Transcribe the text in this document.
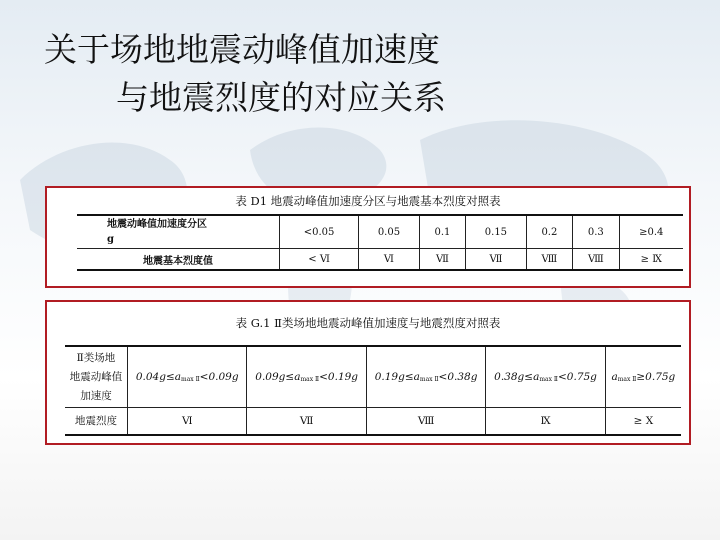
关于场地地震动峰值加速度
与地震烈度的对应关系
表 D1 地震动峰值加速度分区与地震基本烈度对照表
地震动峰值加速度分区
g	<0.05	0.05	0.1	0.15	0.2	0.3	≥0.4
地震基本烈度值	< Ⅵ	Ⅵ	Ⅶ	Ⅶ	Ⅷ	Ⅷ	≥ Ⅸ
表 G.1 Ⅱ类场地地震动峰值加速度与地震烈度对照表
Ⅱ类场地
地震动峰值
加速度	0.04g≤amax Ⅱ<0.09g	0.09g≤amax Ⅱ<0.19g	0.19g≤amax Ⅱ<0.38g	0.38g≤amax Ⅱ<0.75g	amax Ⅱ≥0.75g
地震烈度	Ⅵ	Ⅶ	Ⅷ	Ⅸ	≥ Ⅹ
